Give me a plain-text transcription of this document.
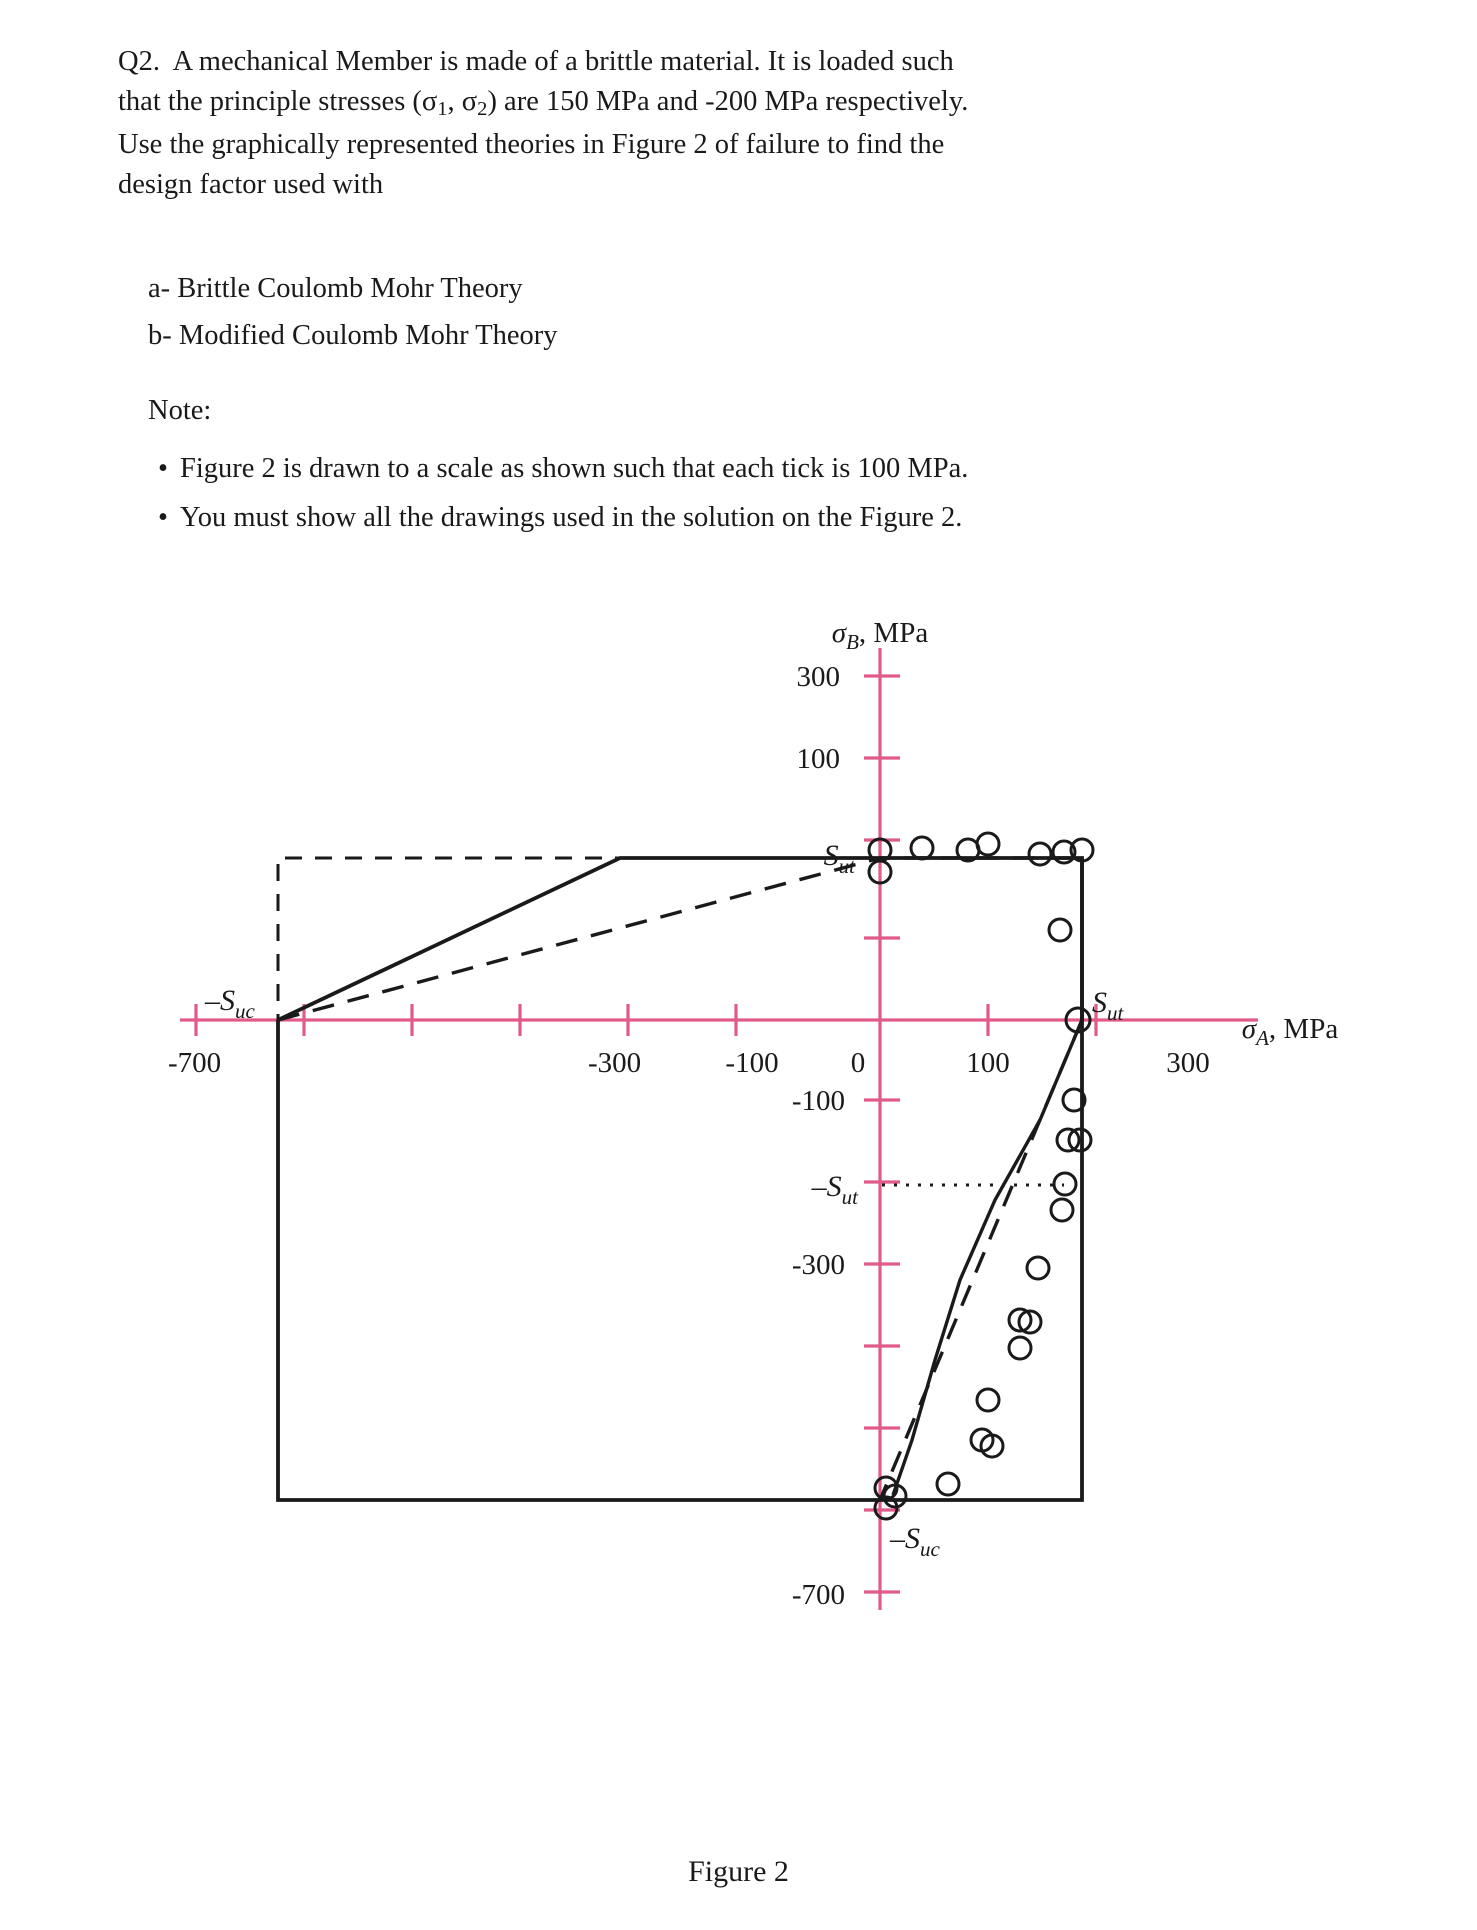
Q2. A mechanical Member is made of a brittle material. It is loaded such

that the principle stresses ($\sigma_1$, $\sigma_2$) are 150 MPa and -200 MPa respectively.

Use the graphically represented theories in Figure 2 of failure to find the

design factor used with

a- Brittle Coulomb Mohr Theory
b- Modified Coulomb Mohr Theory
Note:
• Figure 2 is drawn to a scale as shown such that each tick is 100 MPa.
• You must show all the drawings used in the solution on the Figure 2.
$\sigma_B$, MPa
$\sigma_A$, MPa
300
100
-100
-300
-700
-700	-300	-100 0	100	300
$S_{ut}$
$S_{ut}$
$-S_{uc}$
$-S_{uc}$
$-S_{ut}$
Figure 2
